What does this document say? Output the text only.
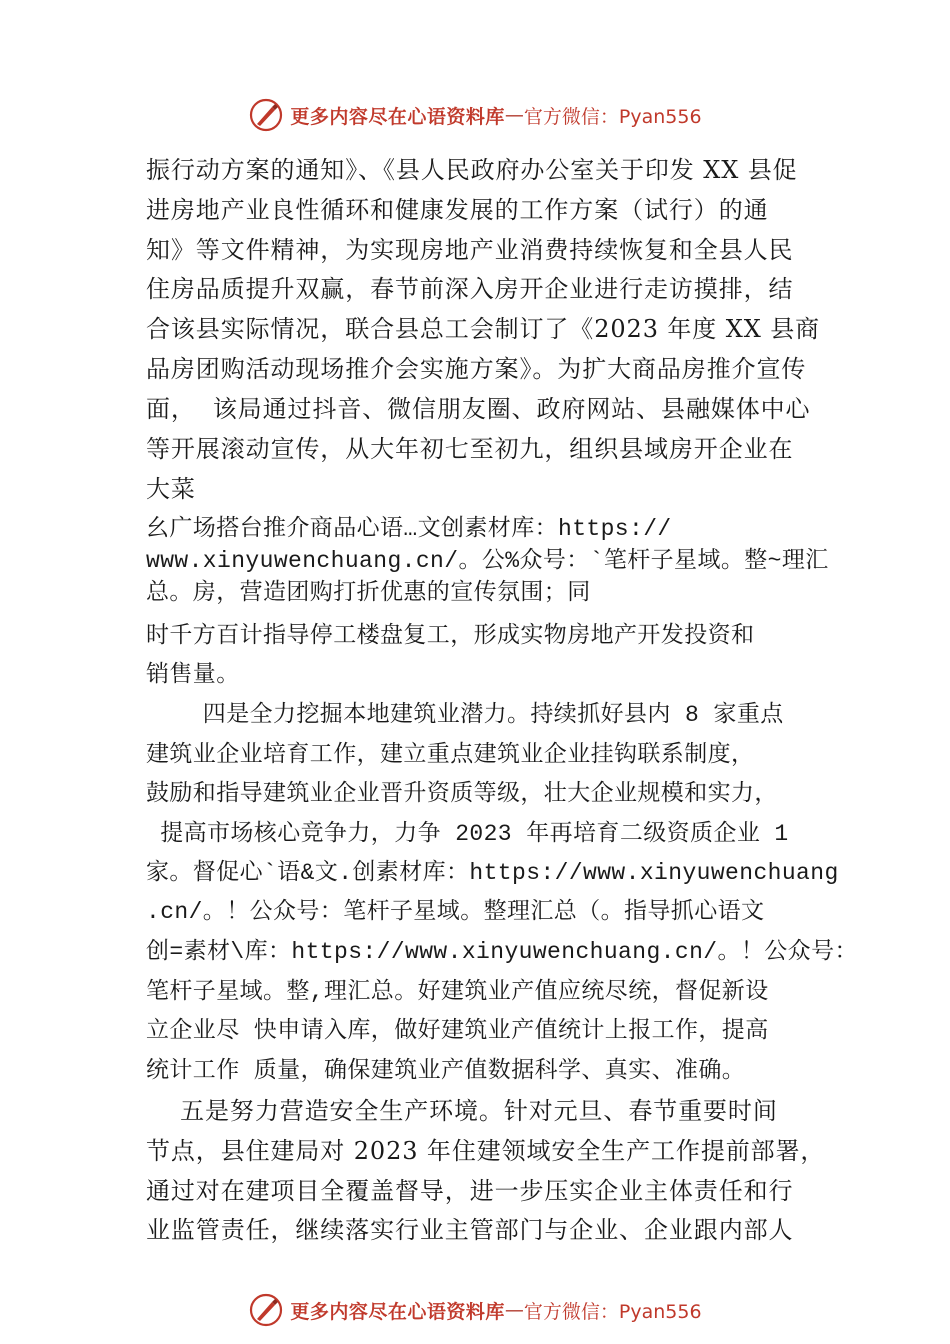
更多内容尽在心语资料库 — 官方微信：Pyan556
振行动方案的通知》、《县人民政府办公室关于印发 XX 县促
进房地产业良性循环和健康发展的工作方案（试行）的通
知》等文件精神，为实现房地产业消费持续恢复和全县人民
住房品质提升双赢，春节前深入房开企业进行走访摸排，结
合该县实际情况，联合县总工会制订了《2023 年度 XX 县商
品房团购活动现场推介会实施方案》。为扩大商品房推介宣传
面，  该局通过抖音、微信朋友圈、政府网站、县融媒体中心
等开展滚动宣传，从大年初七至初九，组织县域房开企业在
大菜
幺广场搭台推介商品心语…文创素材库：https://
www.xinyuwenchuang.cn/。公%众号：`笔杆子星域。整~理汇
总。房，营造团购打折优惠的宣传氛围；同
时千方百计指导停工楼盘复工，形成实物房地产开发投资和
销售量。
四是全力挖掘本地建筑业潜力。持续抓好县内 8 家重点
建筑业企业培育工作，建立重点建筑业企业挂钩联系制度，
鼓励和指导建筑业企业晋升资质等级，壮大企业规模和实力，
提高市场核心竞争力，力争 2023 年再培育二级资质企业 1
家。督促心`语&文.创素材库：https://www.xinyuwenchuang
.cn/。！公众号：笔杆子星域。整理汇总（。指导抓心语文
创=素材\库：https://www.xinyuwenchuang.cn/。！公众号：
笔杆子星域。整,理汇总。好建筑业产值应统尽统，督促新设
立企业尽 快申请入库，做好建筑业产值统计上报工作，提高
统计工作 质量，确保建筑业产值数据科学、真实、准确。
五是努力营造安全生产环境。针对元旦、春节重要时间
节点，县住建局对 2023 年住建领域安全生产工作提前部署，
通过对在建项目全覆盖督导，进一步压实企业主体责任和行
业监管责任，继续落实行业主管部门与企业、企业跟内部人
更多内容尽在心语资料库 — 官方微信：Pyan556
